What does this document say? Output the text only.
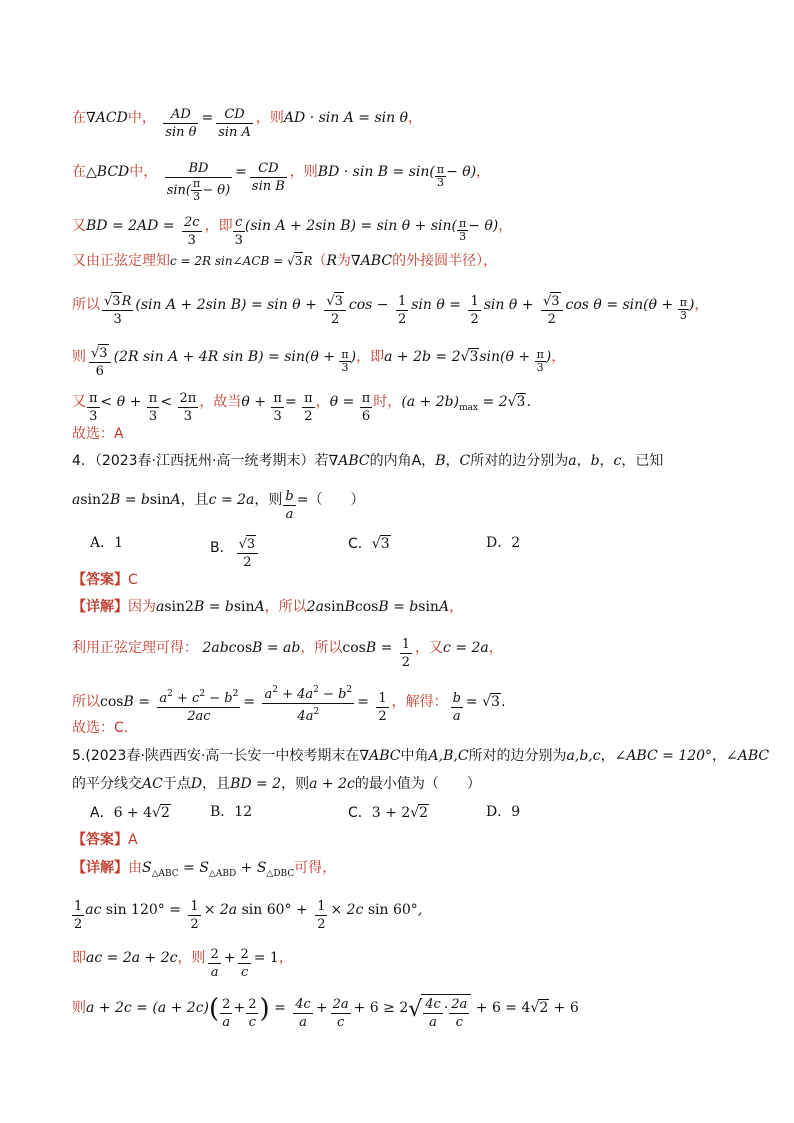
在∇ACD中， $\frac{AD}{\text{sin θ}} = \frac{CD}{\text{sin A}}$ ，则AD · sin A = sin θ，
在△BCD中， $\frac{BD}{\sin( \frac{\pi}{3} - \theta)} = \frac{CD}{\text{sin B}}$ ，则BD · $\sin B = \sin( \frac{\pi}{3} - \theta)$，
又BD = $2AD = \frac{2c}{3}$ ，即 $\frac{c}{3} (\sin$ A + 2sin $B) = \sin \theta + \sin( \frac{\pi}{3} - \theta)$，
又由正弦定理知c = 2R sin∠ACB = √3R（R为∇ABC的外接圆半径），
所以 $\frac{√3R}{3} (\sin$ A + 2sin $B) = \sin \theta + \frac{√3}{2}$ $\cos - \frac{1}{2}$ $\sin \theta = \frac{1}{2}$ $\sin \theta + \frac{√3}{2}$ $\cos \theta = \sin(\theta + \frac{\pi}{3}$ )，
则 $\frac{√3}{6} (2R$ sin A + 4R $\sin B) = \sin(\theta + \frac{\pi}{3}$ )，即$a + 2b = 2√3\sin(\theta + \frac{\pi}{3}$ )，
又 $\frac{\pi}{3} < \theta + \frac{\pi}{3} < \frac{2\pi}{3}$ ，故当$\theta + \frac{\pi}{3} = \frac{\pi}{2}$ ，$\theta = \frac{\pi}{6}$ 时，$(a + 2b)_{max} = 2√3$.
故选：A
4．（2023春·江西抚州·高一统考期末）若∇ABC的内角A，B，C所对的边分别为a，b，c，已知
asin2B = bsinA，且c = 2a，则 $\frac{b}{a}$ =（　　）
A．1	B． $\frac{√3}{2}$	C．√3	D．2
【答案】C
【详解】因为asin2B = bsinA，所以2asinBcosB = bsinA，
利用正弦定理可得： 2abcosB = ab，所以$\cos B = \frac{1}{2}$ ，又c = 2a，
所以$\cos B = \frac{a^2 + c^2 - b^2}{2ac} = \frac{a^2 + 4a^2 - b^2}{4a^2} = \frac{1}{2}$ ，解得： $\frac{b}{a} = √3$.
故选：C.
5.(2023春·陕西西安·高一长安一中校考期末在∇ABC中角A,B,C所对的边分别为a,b,c，∠ABC = 120°，∠ABC
的平分线交AC于点D，且BD = 2，则a + 2c的最小值为（　　）
A．6 + 4√2	B．12	C．3 + 2√2	D．9
【答案】A
【详解】由$S_{\triangle ABC} = S_{\triangle ABD} + S_{\triangle DBC}$可得，
$\frac{1}{2}$ ac $\sin 120^\circ = \frac{1}{2} \times 2a$ $\sin 60^\circ + \frac{1}{2} \times 2c$ sin 60°,
即ac = 2a + 2c，则 $\frac{2}{a} + \frac{2}{c} = 1$，
则$a + 2c = (a + 2c)( \frac{2}{a} + \frac{2}{c}$ ) = $\frac{4c}{a} + \frac{2a}{c} + 6 \ge 2√ \frac{4c}{a} \cdot \frac{2a}{c} + 6 = 4√2 + 6$
